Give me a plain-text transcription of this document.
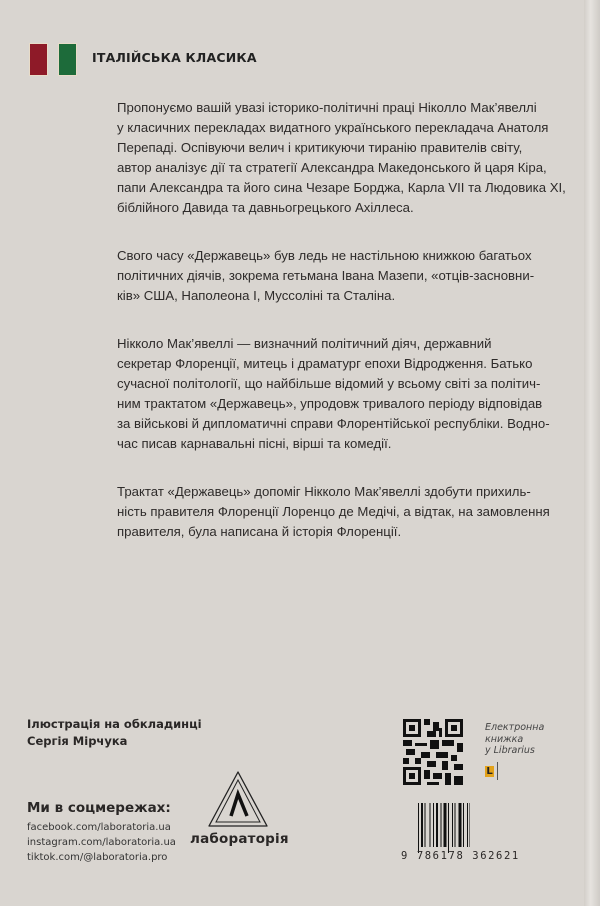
ІТАЛІЙСЬКА КЛАСИКА

Пропонуємо вашій увазі історико-політичні праці Ніколло Мак’явеллі
у класичних перекладах видатного українського перекладача Анатоля
Перепаді. Оспівуючи велич і критикуючи тиранію правителів світу,
автор аналізує дії та стратегії Александра Македонського й царя Кіра,
папи Александра та його сина Чезаре Борджа, Карла VII та Людовика XI,
біблійного Давида та давньогрецького Ахіллеса.

Свого часу «Державець» був ледь не настільною книжкою багатьох
політичних діячів, зокрема гетьмана Івана Мазепи, «отців-засновни-
ків» США, Наполеона І, Муссоліні та Сталіна.

Нікколо Мак’явеллі — визначний політичний діяч, державний
секретар Флоренції, митець і драматург епохи Відродження. Батько
сучасної політології, що найбільше відомий у всьому світі за політич-
ним трактатом «Державець», упродовж тривалого періоду відповідав
за військові й дипломатичні справи Флорентійської республіки. Водно-
час писав карнавальні пісні, вірші та комедії.

Трактат «Державець» допоміг Нікколо Мак’явеллі здобути прихиль-
ність правителя Флоренції Лоренцо де Медічі, а відтак, на замовлення
правителя, була написана й історія Флоренції.

Ілюстрація на обкладинці
Сергія Мірчука
Ми в соцмережах:
facebook.com/laboratoria.ua
instagram.com/laboratoria.ua
tiktok.com/@laboratoria.pro
лабораторія
Електронна
книжка
у Librarius
L
9 786178 362621
